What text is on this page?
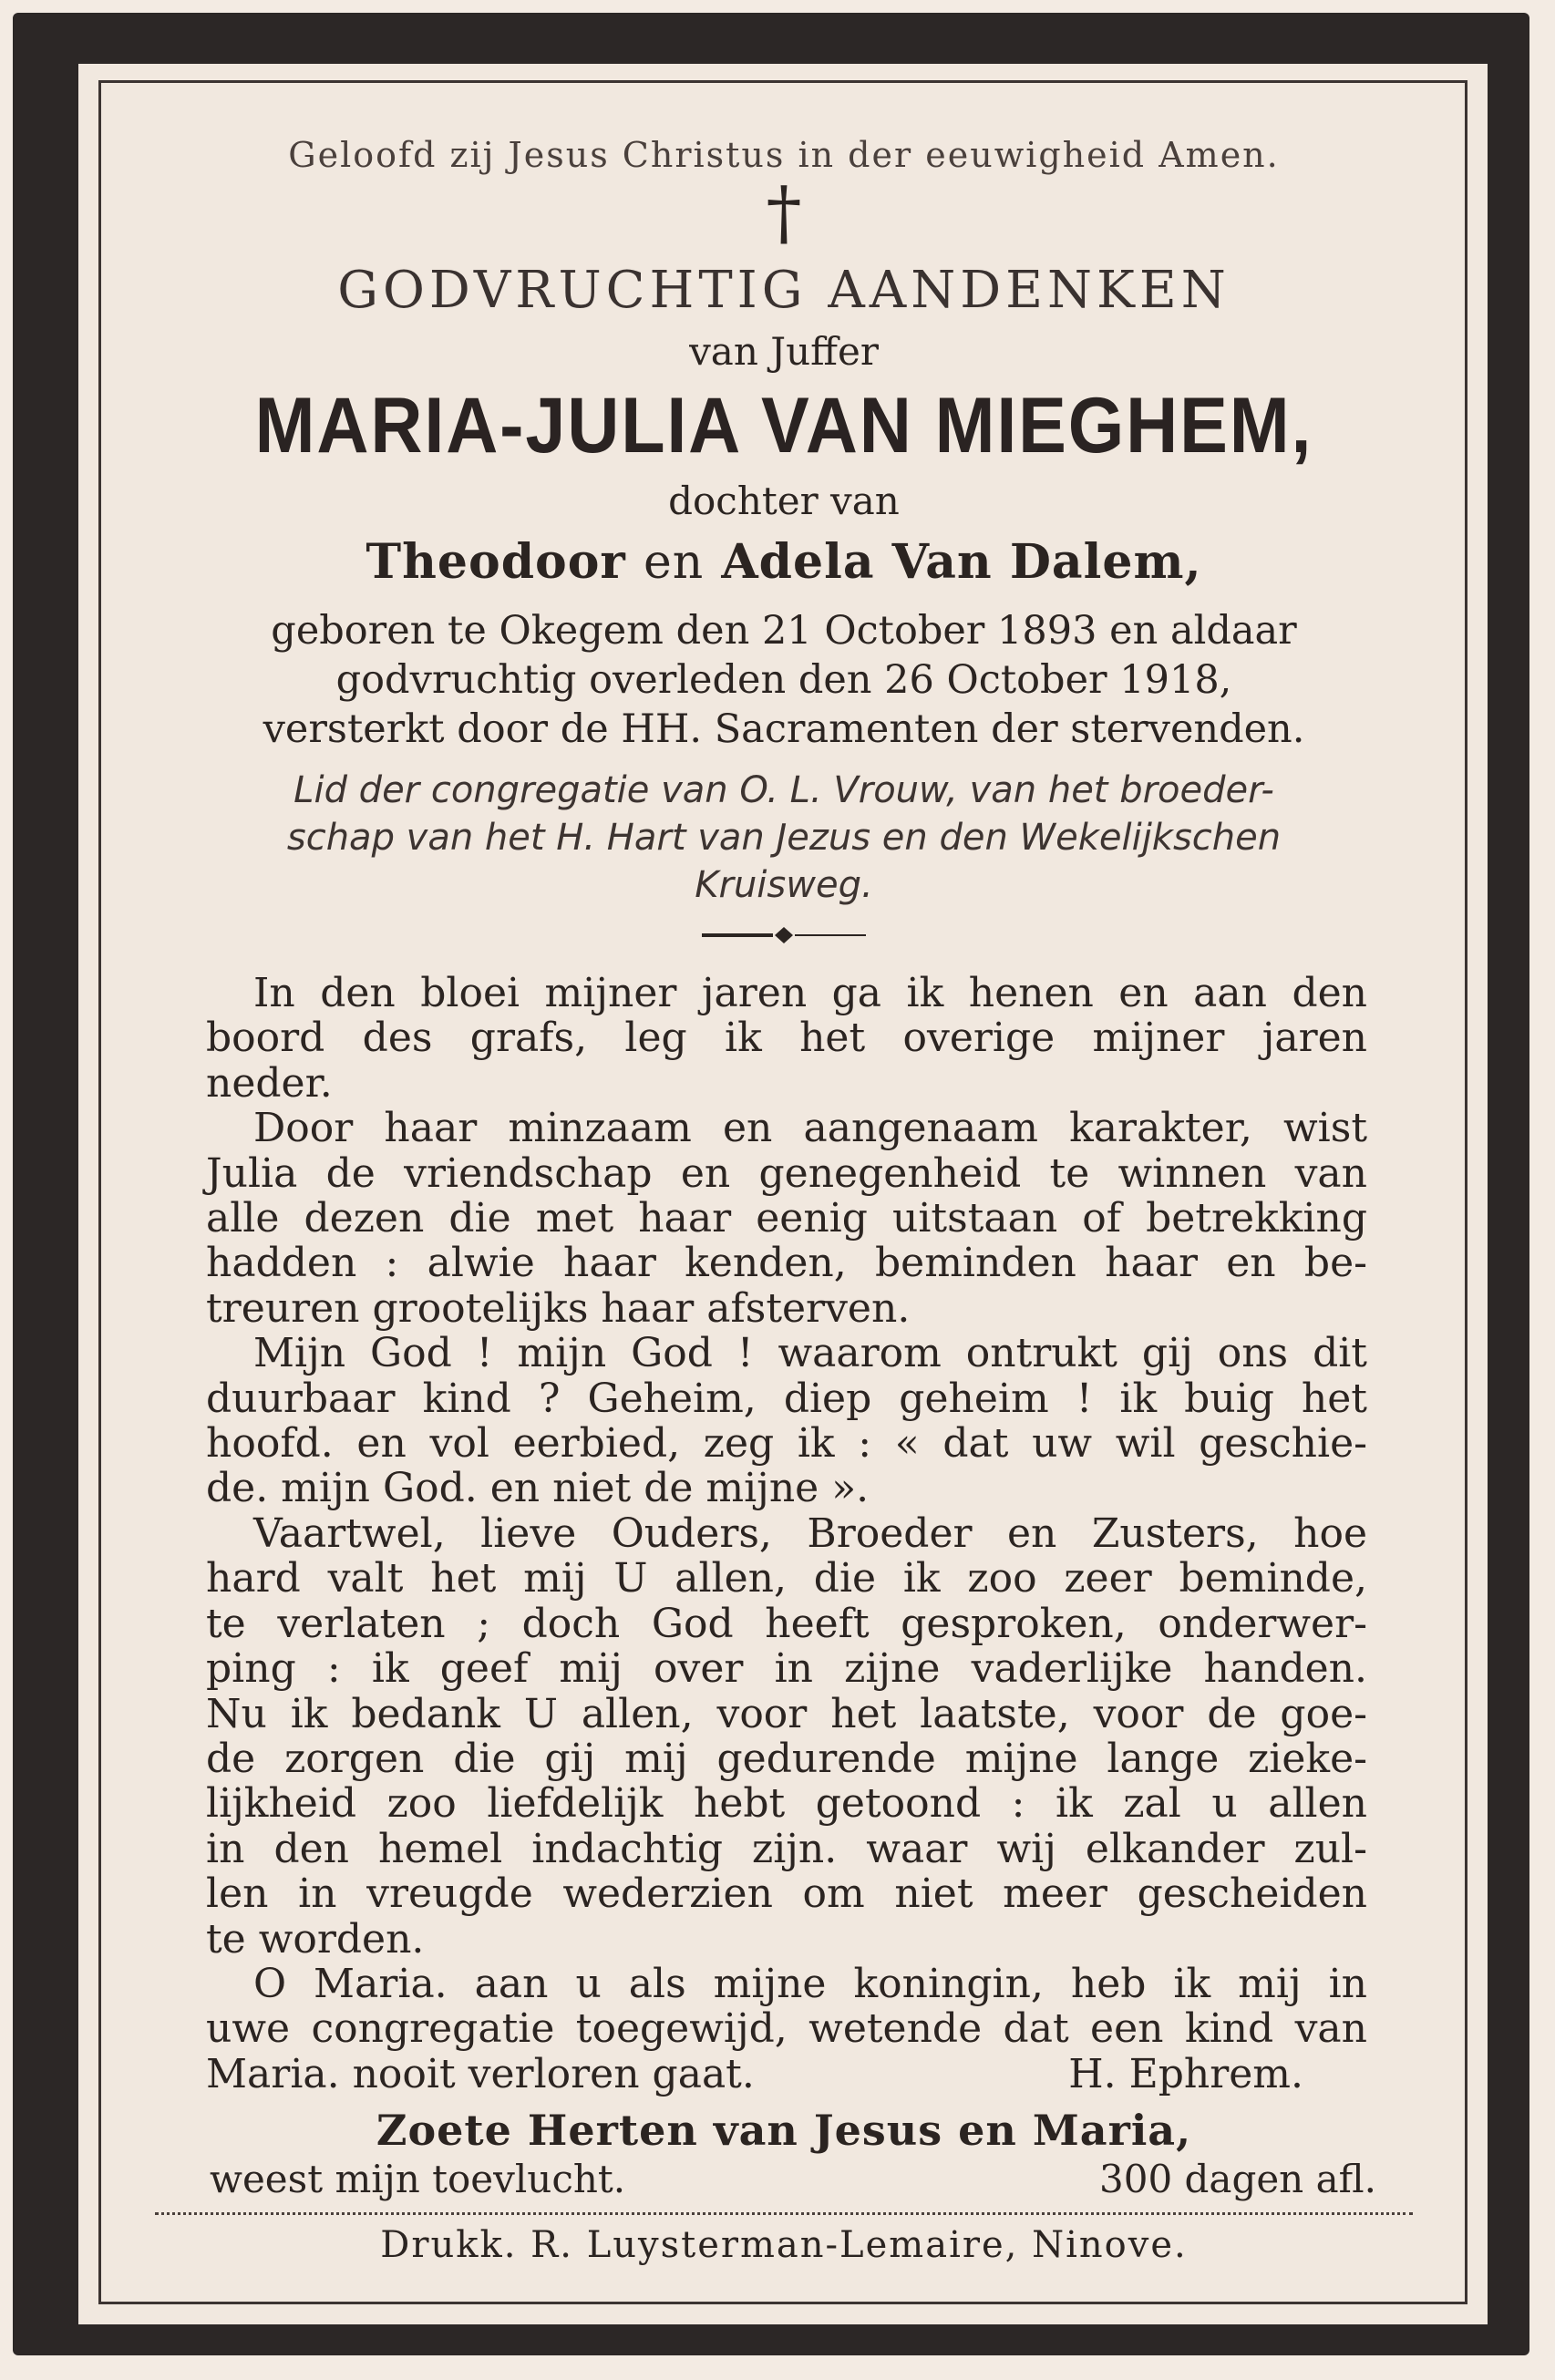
Geloofd zij Jesus Christus in der eeuwigheid Amen.
†
GODVRUCHTIG AANDENKEN
van Juffer
MARIA-JULIA VAN MIEGHEM,
dochter van
Theodoor en Adela Van Dalem,
geboren te Okegem den 21 October 1893 en aldaar
godvruchtig overleden den 26 October 1918,
versterkt door de HH. Sacramenten der stervenden.
Lid der congregatie van O. L. Vrouw, van het broeder-
schap van het H. Hart van Jezus en den Wekelijkschen
Kruisweg.
In den bloei mijner jaren ga ik henen en aan den
boord des grafs, leg ik het overige mijner jaren
neder.
Door haar minzaam en aangenaam karakter, wist
Julia de vriendschap en genegenheid te winnen van
alle dezen die met haar eenig uitstaan of betrekking
hadden : alwie haar kenden, beminden haar en be-
treuren grootelijks haar afsterven.
Mijn God ! mijn God ! waarom ontrukt gij ons dit
duurbaar kind ? Geheim, diep geheim ! ik buig het
hoofd. en vol eerbied, zeg ik : « dat uw wil geschie-
de. mijn God. en niet de mijne ».
Vaartwel, lieve Ouders, Broeder en Zusters, hoe
hard valt het mij U allen, die ik zoo zeer beminde,
te verlaten ; doch God heeft gesproken, onderwer-
ping : ik geef mij over in zijne vaderlijke handen.
Nu ik bedank U allen, voor het laatste, voor de goe-
de zorgen die gij mij gedurende mijne lange ziekе-
lijkheid zoo liefdelijk hebt getoond : ik zal u allen
in den hemel indachtig zijn. waar wij elkander zul-
len in vreugde wederzien om niet meer gescheiden
te worden.
O Maria. aan u als mijne koningin, heb ik mij in
uwe congregatie toegewijd, wetende dat een kind van
Maria. nooit verloren gaat.	H. Ephrem.
Zoete Herten van Jesus en Maria,
weest mijn toevlucht.	300 dagen afl.
Drukk. R. Luysterman-Lemaire, Ninove.
